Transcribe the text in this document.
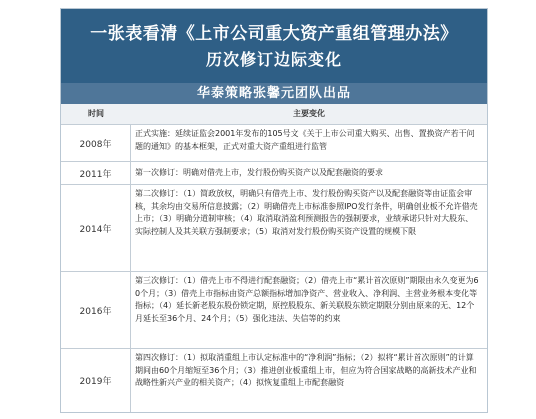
一张表看清《上市公司重大资产重组管理办法》
历次修订边际变化
华泰策略张馨元团队出品
时间	主要变化
2008年
正式实施：延续证监会2001年发布的105号文《关于上市公司重大购买、出售、置换资产若干问题的通知》的基本框架，正式对重大资产重组进行监管
2011年	第一次修订：明确对借壳上市，发行股份购买资产以及配套融资的要求
2014年
第二次修订：（1）简政放权，明确只有借壳上市、发行股份购买资产以及配套融资等由证监会审核，其余均由交易所信息披露；（2）明确借壳上市标准参照IPO发行条件，明确创业板不允许借壳上市；（3）明确分道制审核；（4）取消取消盈利预测报告的强制要求，业绩承诺只针对大股东、实际控制人及其关联方强制要求；（5）取消对发行股份购买资产设置的规模下限
2016年
第三次修订：（1）借壳上市不得进行配套融资；（2）借壳上市“累计首次原则”期限由永久变更为60个月；（3）借壳上市指标由资产总额指标增加净资产、营业收入、净利润、主营业务根本变化等指标；（4）延长新老股东股份锁定期，原控股股东、新关联股东锁定期限分别由原来的无、12个月延长至36个月、24个月；（5）强化违法、失信等的约束
2019年
第四次修订：（1）拟取消重组上市认定标准中的“净利润”指标；（2）拟将“累计首次原则”的计算期间由60个月缩短至36个月；（3）推进创业板重组上市，但应为符合国家战略的高新技术产业和战略性新兴产业的相关资产；（4）拟恢复重组上市配套融资
